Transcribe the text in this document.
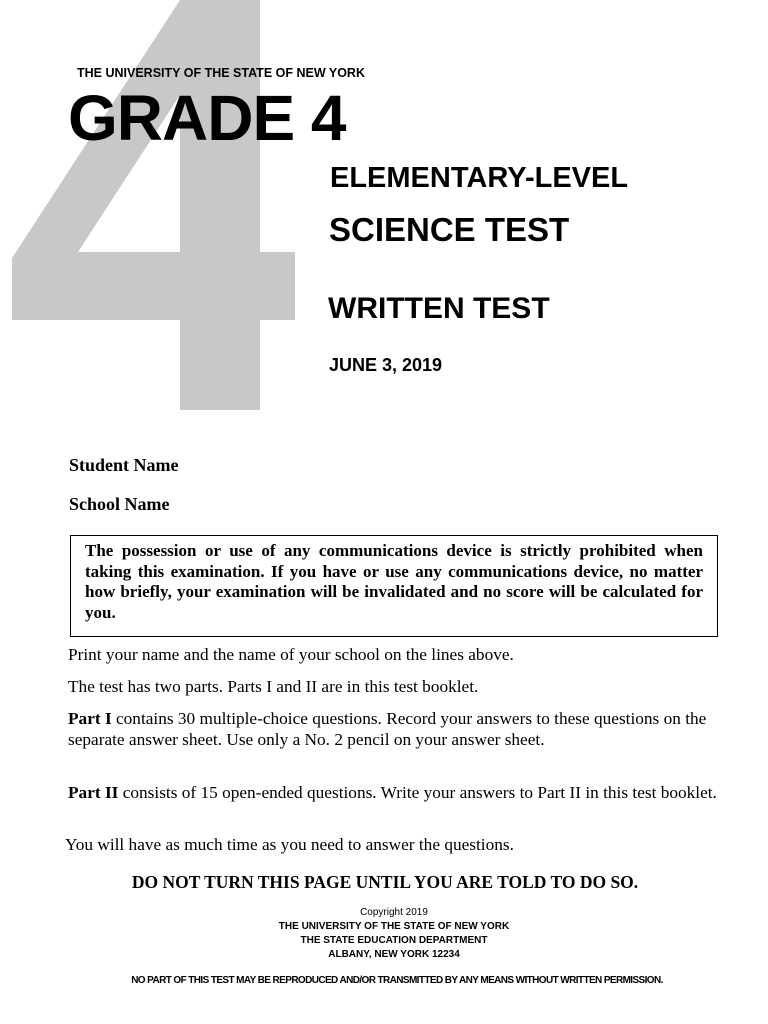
THE UNIVERSITY OF THE STATE OF NEW YORK
GRADE 4
ELEMENTARY-LEVEL
SCIENCE TEST
WRITTEN TEST
JUNE 3, 2019
Student Name
School Name
The possession or use of any communications device is strictly prohibited when taking this examination. If you have or use any communications device, no matter how briefly, your examination will be invalidated and no score will be calculated for you.
Print your name and the name of your school on the lines above.
The test has two parts. Parts I and II are in this test booklet.
Part I contains 30 multiple-choice questions. Record your answers to these questions on the separate answer sheet. Use only a No. 2 pencil on your answer sheet.
Part II consists of 15 open-ended questions. Write your answers to Part II in this test booklet.
You will have as much time as you need to answer the questions.
DO NOT TURN THIS PAGE UNTIL YOU ARE TOLD TO DO SO.
Copyright 2019
THE UNIVERSITY OF THE STATE OF NEW YORK
THE STATE EDUCATION DEPARTMENT
ALBANY, NEW YORK 12234
NO PART OF THIS TEST MAY BE REPRODUCED AND/OR TRANSMITTED BY ANY MEANS WITHOUT WRITTEN PERMISSION.
